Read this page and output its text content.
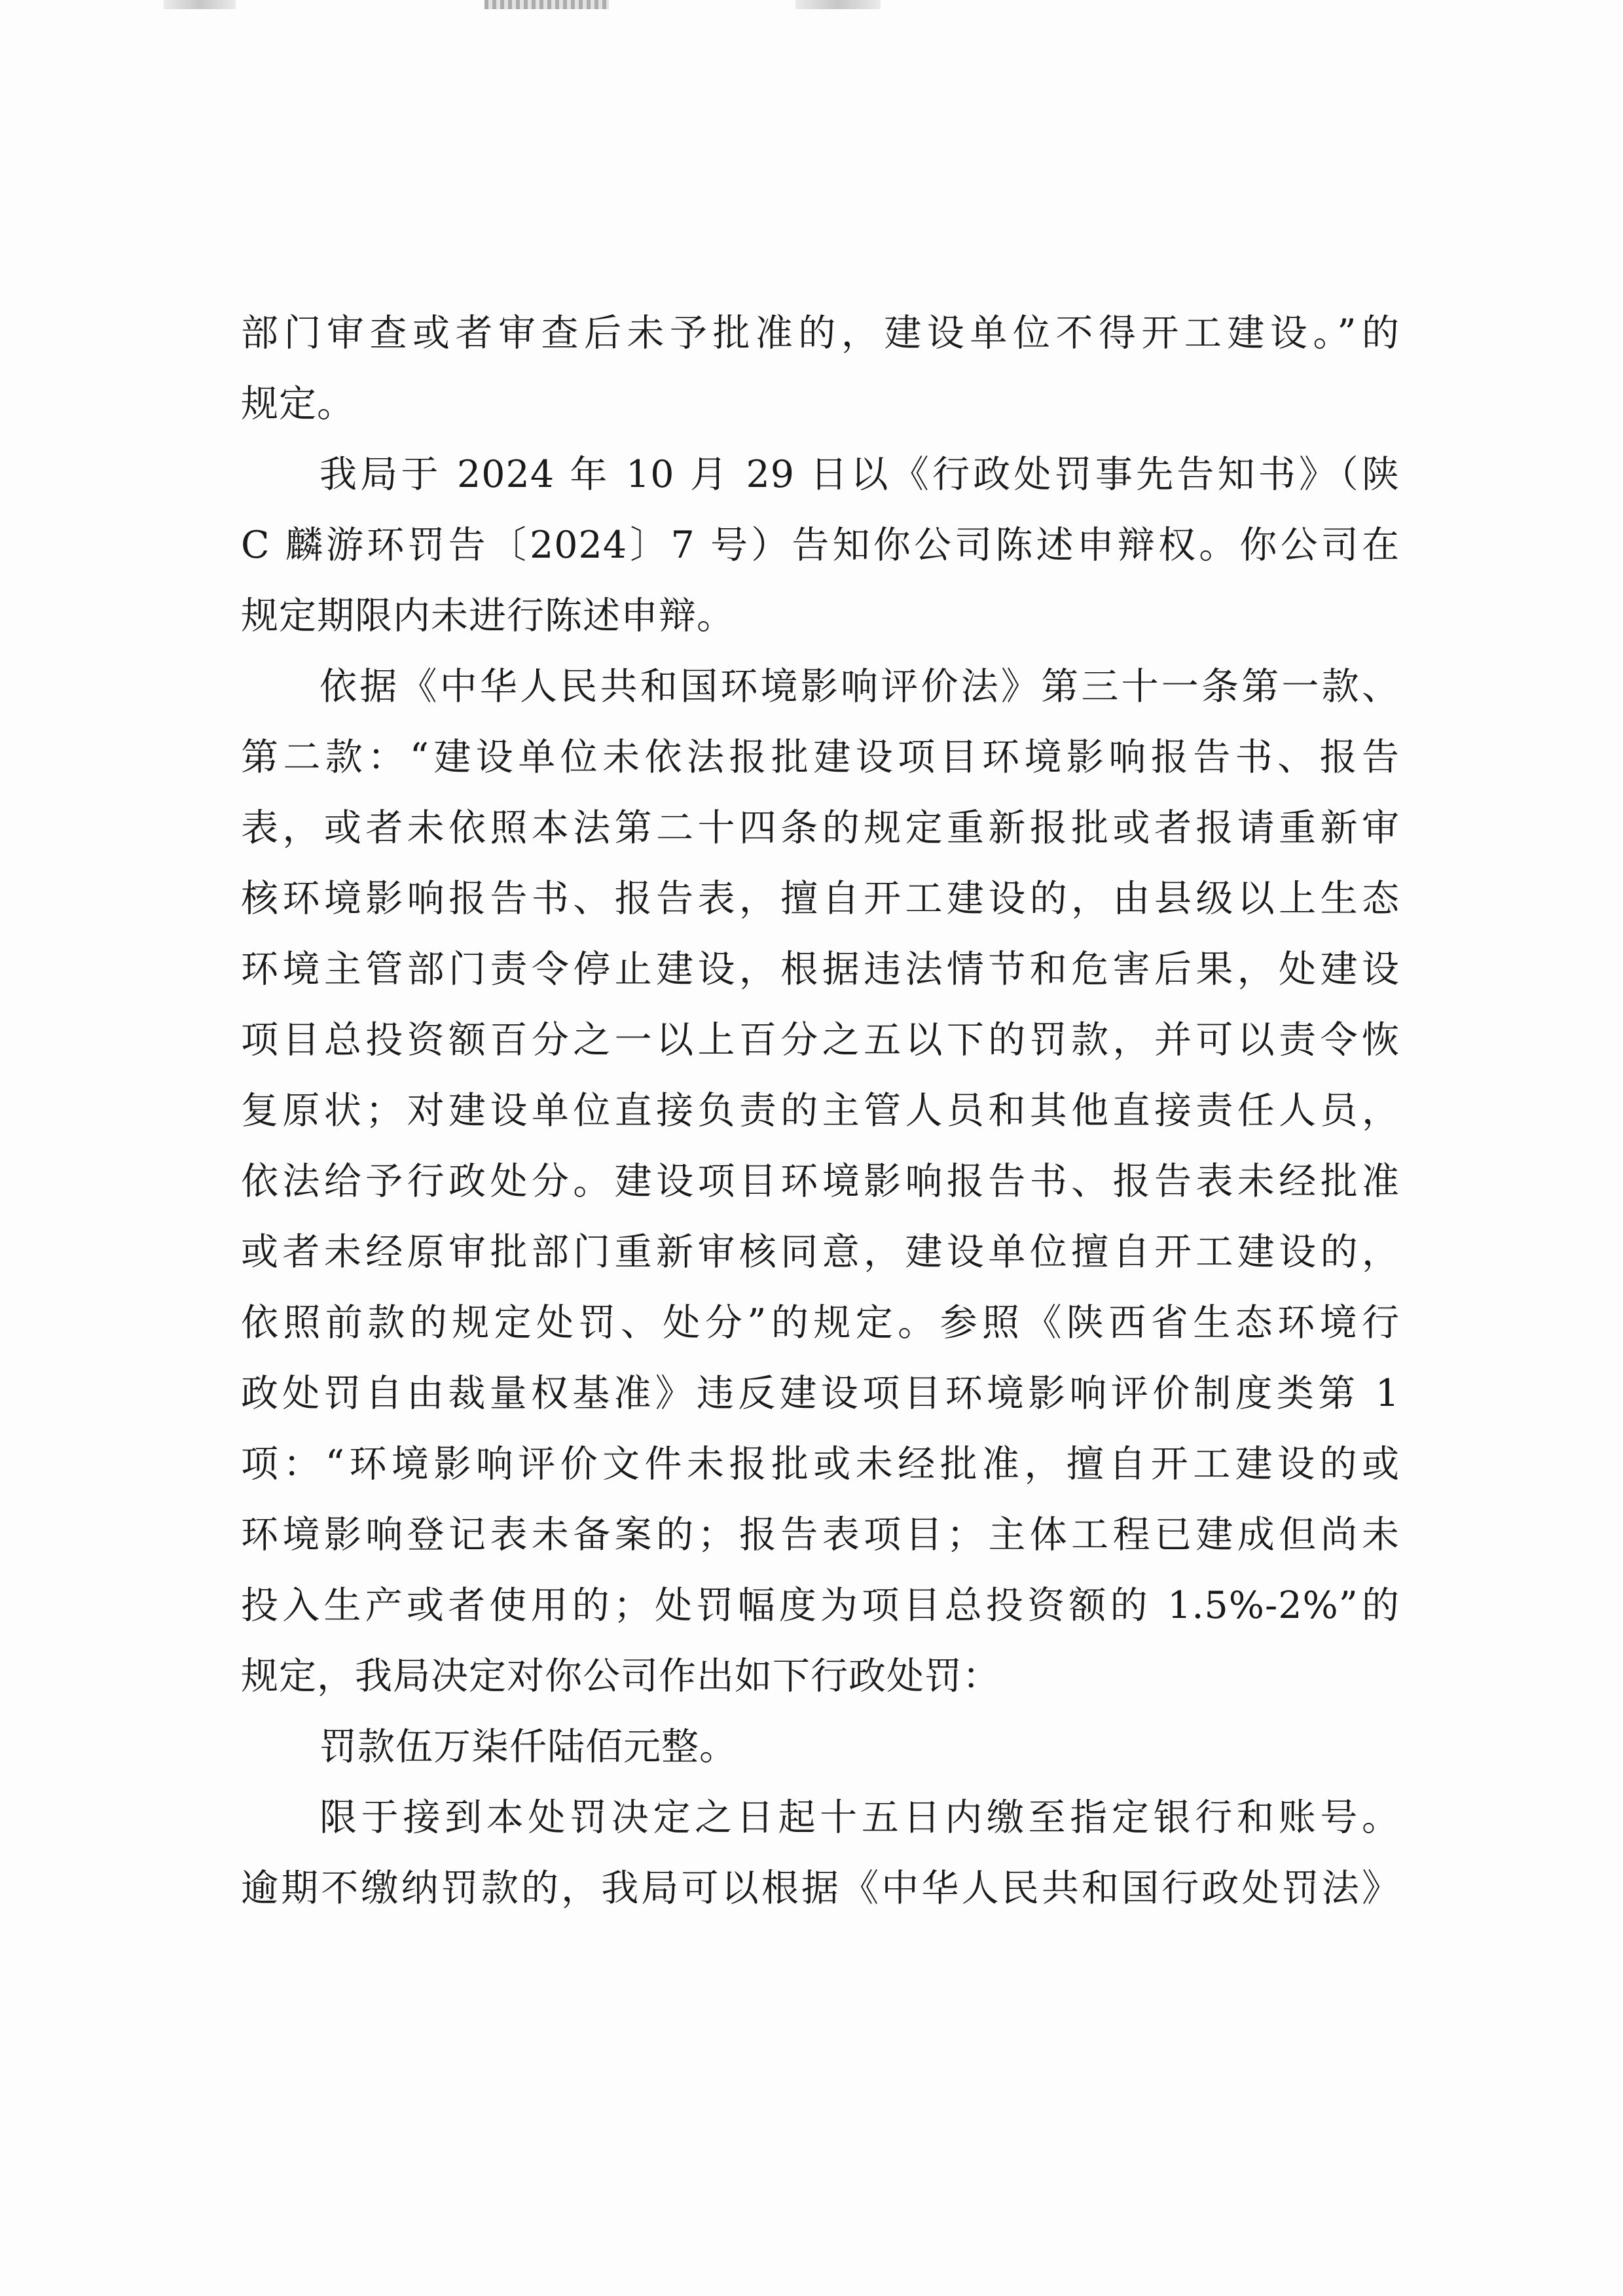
部门审查或者审查后未予批准的，建设单位不得开工建设。”的
规定。
我局于 2024 年 10 月 29 日以《行政处罚事先告知书》（陕
C 麟游环罚告〔2024〕7 号）告知你公司陈述申辩权。你公司在
规定期限内未进行陈述申辩。
依据《中华人民共和国环境影响评价法》第三十一条第一款、
第二款：“建设单位未依法报批建设项目环境影响报告书、报告
表，或者未依照本法第二十四条的规定重新报批或者报请重新审
核环境影响报告书、报告表，擅自开工建设的，由县级以上生态
环境主管部门责令停止建设，根据违法情节和危害后果，处建设
项目总投资额百分之一以上百分之五以下的罚款，并可以责令恢
复原状；对建设单位直接负责的主管人员和其他直接责任人员，
依法给予行政处分。建设项目环境影响报告书、报告表未经批准
或者未经原审批部门重新审核同意，建设单位擅自开工建设的，
依照前款的规定处罚、处分”的规定。参照《陕西省生态环境行
政处罚自由裁量权基准》违反建设项目环境影响评价制度类第 1
项：“环境影响评价文件未报批或未经批准，擅自开工建设的或
环境影响登记表未备案的；报告表项目；主体工程已建成但尚未
投入生产或者使用的；处罚幅度为项目总投资额的 1.5%-2%”的
规定，我局决定对你公司作出如下行政处罚：
罚款伍万柒仟陆佰元整。
限于接到本处罚决定之日起十五日内缴至指定银行和账号。
逾期不缴纳罚款的，我局可以根据《中华人民共和国行政处罚法》
